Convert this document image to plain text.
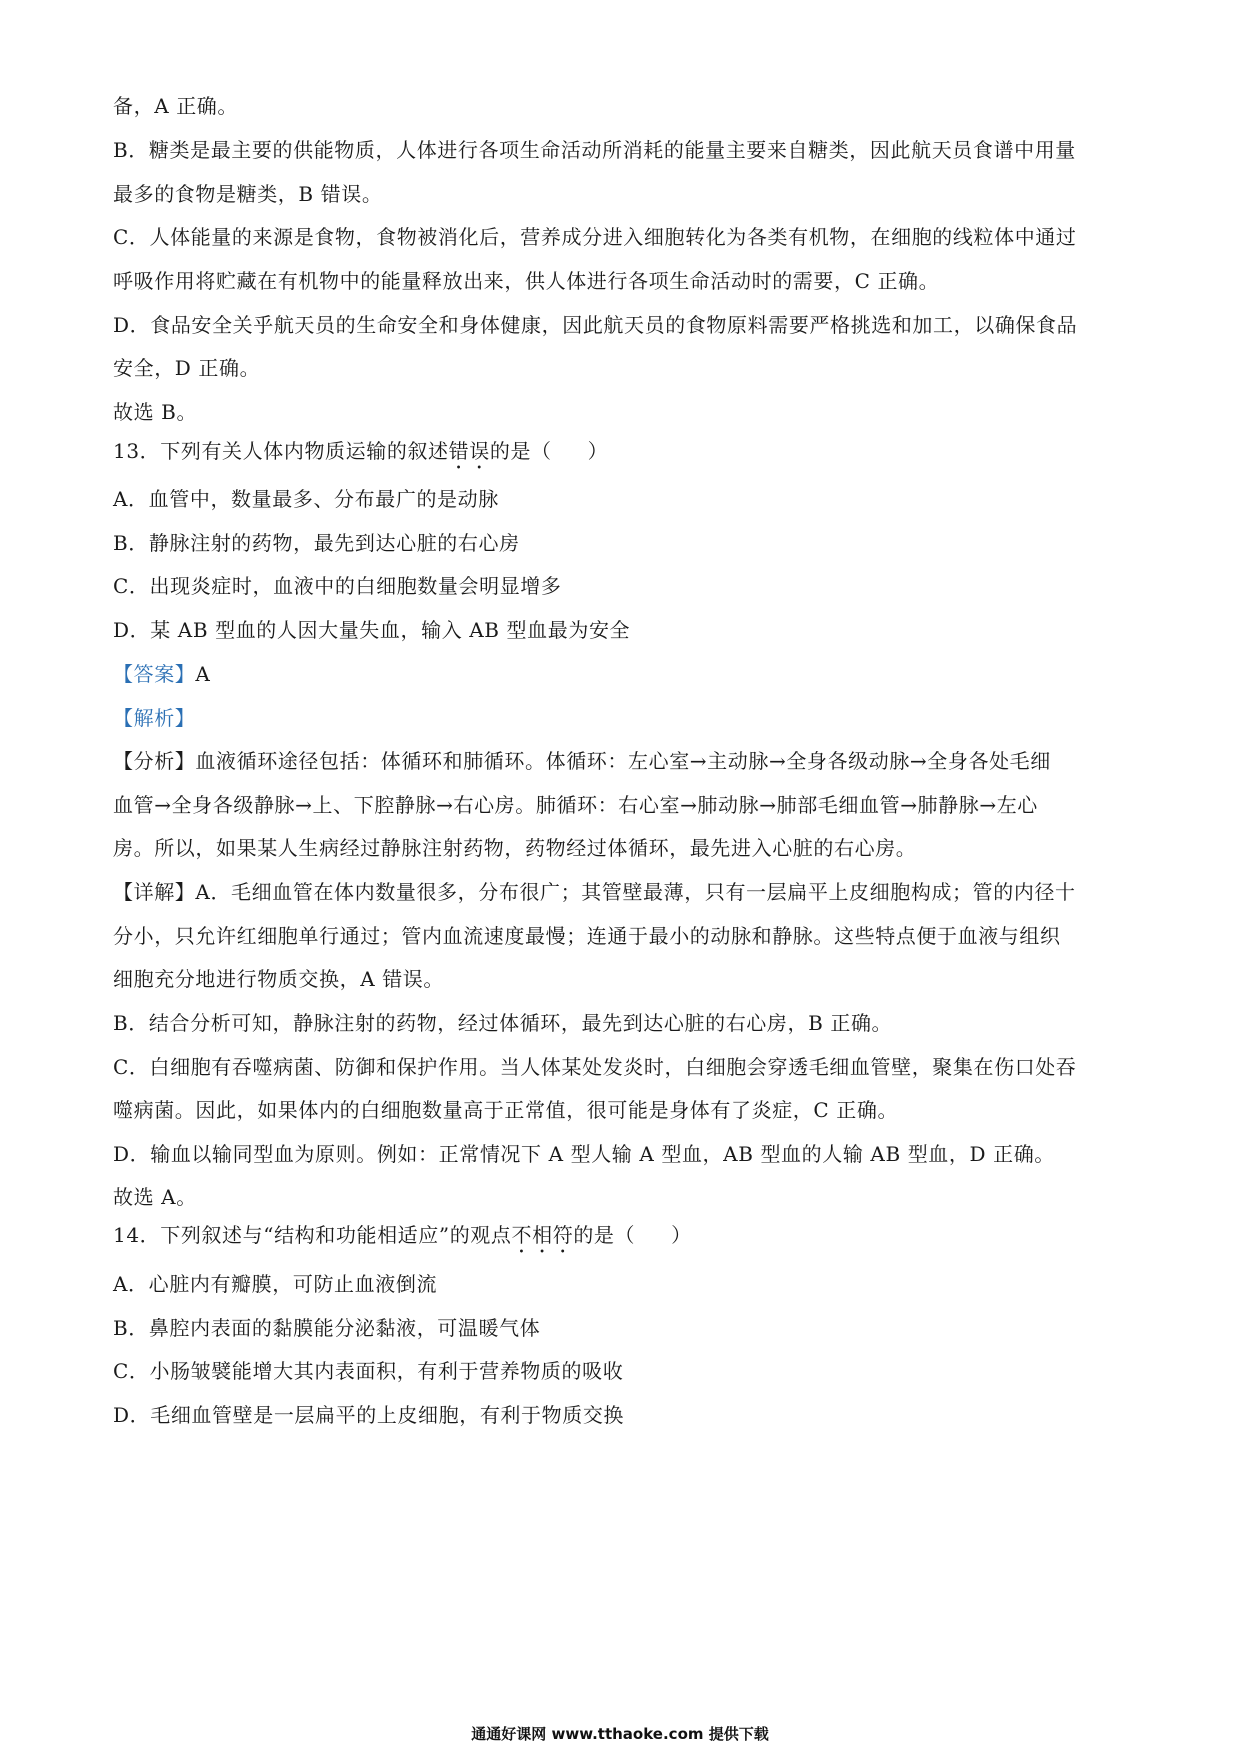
备，A 正确。
B．糖类是最主要的供能物质，人体进行各项生命活动所消耗的能量主要来自糖类，因此航天员食谱中用量
最多的食物是糖类，B 错误。
C．人体能量的来源是食物，食物被消化后，营养成分进入细胞转化为各类有机物，在细胞的线粒体中通过
呼吸作用将贮藏在有机物中的能量释放出来，供人体进行各项生命活动时的需要，C 正确。
D．食品安全关乎航天员的生命安全和身体健康，因此航天员的食物原料需要严格挑选和加工，以确保食品
安全，D 正确。
故选 B。
13．下列有关人体内物质运输的叙述错误的是（ ）
A．血管中，数量最多、分布最广的是动脉
B．静脉注射的药物，最先到达心脏的右心房
C．出现炎症时，血液中的白细胞数量会明显增多
D．某 AB 型血的人因大量失血，输入 AB 型血最为安全
【答案】A
【解析】
【分析】血液循环途径包括：体循环和肺循环。体循环：左心室→主动脉→全身各级动脉→全身各处毛细
血管→全身各级静脉→上、下腔静脉→右心房。肺循环：右心室→肺动脉→肺部毛细血管→肺静脉→左心
房。所以，如果某人生病经过静脉注射药物，药物经过体循环，最先进入心脏的右心房。
【详解】A．毛细血管在体内数量很多，分布很广；其管壁最薄，只有一层扁平上皮细胞构成；管的内径十
分小，只允许红细胞单行通过；管内血流速度最慢；连通于最小的动脉和静脉。这些特点便于血液与组织
细胞充分地进行物质交换，A 错误。
B．结合分析可知，静脉注射的药物，经过体循环，最先到达心脏的右心房，B 正确。
C．白细胞有吞噬病菌、防御和保护作用。当人体某处发炎时，白细胞会穿透毛细血管壁，聚集在伤口处吞
噬病菌。因此，如果体内的白细胞数量高于正常值，很可能是身体有了炎症，C 正确。
D．输血以输同型血为原则。例如：正常情况下 A 型人输 A 型血，AB 型血的人输 AB 型血，D 正确。
故选 A。
14．下列叙述与“结构和功能相适应”的观点不相符的是（ ）
A．心脏内有瓣膜，可防止血液倒流
B．鼻腔内表面的黏膜能分泌黏液，可温暖气体
C．小肠皱襞能增大其内表面积，有利于营养物质的吸收
D．毛细血管壁是一层扁平的上皮细胞，有利于物质交换
通通好课网 www.tthaoke.com 提供下载
